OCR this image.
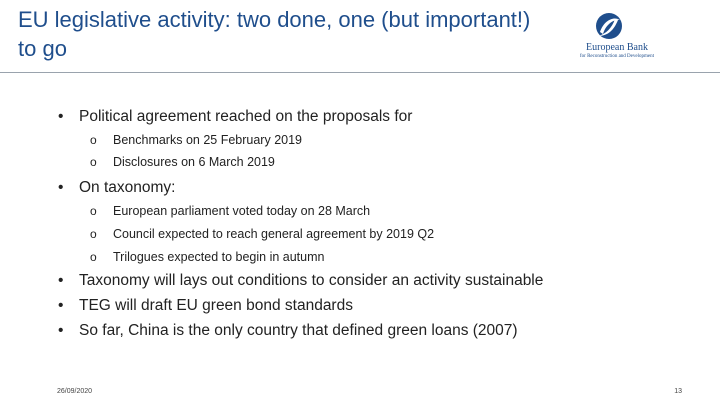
EU legislative activity: two done, one (but important!) to go	European Bank
for Reconstruction and Development
•	Political agreement reached on the proposals for
o	Benchmarks on 25 February 2019
o	Disclosures on 6 March 2019
•	On taxonomy:
o	European parliament voted today on 28 March
o	Council expected to reach general agreement by 2019 Q2
o	Trilogues expected to begin in autumn
•	Taxonomy will lays out conditions to consider an activity sustainable
•	TEG will draft EU green bond standards
•	So far, China is the only country that defined green loans (2007)
26/09/2020	13
